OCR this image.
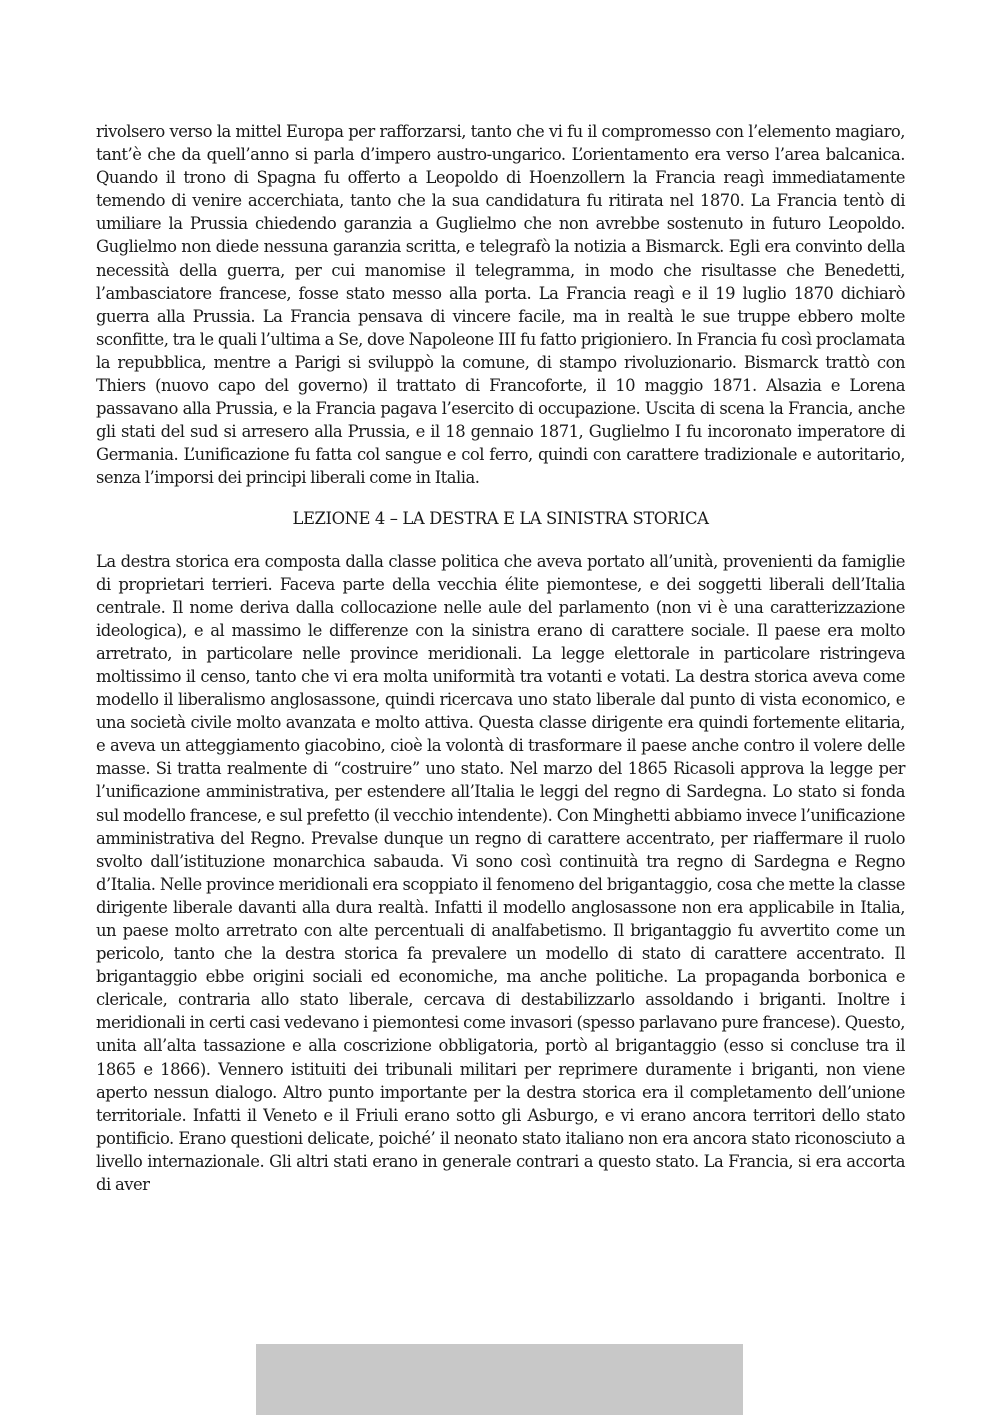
rivolsero verso la mittel Europa per rafforzarsi, tanto che vi fu il compromesso con l’elemento magiaro, tant’è che da quell’anno si parla d’impero austro-ungarico. L’orientamento era verso l’area balcanica. Quando il trono di Spagna fu offerto a Leopoldo di Hoenzollern la Francia reagì immediatamente temendo di venire accerchiata, tanto che la sua candidatura fu ritirata nel 1870. La Francia tentò di umiliare la Prussia chiedendo garanzia a Guglielmo che non avrebbe sostenuto in futuro Leopoldo. Guglielmo non diede nessuna garanzia scritta, e telegrafò la notizia a Bismarck. Egli era convinto della necessità della guerra, per cui manomise il telegramma, in modo che risultasse che Benedetti, l’ambasciatore francese, fosse stato messo alla porta. La Francia reagì e il 19 luglio 1870 dichiarò guerra alla Prussia. La Francia pensava di vincere facile, ma in realtà le sue truppe ebbero molte sconfitte, tra le quali l’ultima a Se, dove Napoleone III fu fatto prigioniero. In Francia fu così proclamata la repubblica, mentre a Parigi si sviluppò la comune, di stampo rivoluzionario. Bismarck trattò con Thiers (nuovo capo del governo) il trattato di Francoforte, il 10 maggio 1871. Alsazia e Lorena passavano alla Prussia, e la Francia pagava l’esercito di occupazione. Uscita di scena la Francia, anche gli stati del sud si arresero alla Prussia, e il 18 gennaio 1871, Guglielmo I fu incoronato imperatore di Germania. L’unificazione fu fatta col sangue e col ferro, quindi con carattere tradizionale e autoritario, senza l’imporsi dei principi liberali come in Italia.

LEZIONE 4 – LA DESTRA E LA SINISTRA STORICA

La destra storica era composta dalla classe politica che aveva portato all’unità, provenienti da famiglie di proprietari terrieri. Faceva parte della vecchia élite piemontese, e dei soggetti liberali dell’Italia centrale. Il nome deriva dalla collocazione nelle aule del parlamento (non vi è una caratterizzazione ideologica), e al massimo le differenze con la sinistra erano di carattere sociale. Il paese era molto arretrato, in particolare nelle province meridionali. La legge elettorale in particolare ristringeva moltissimo il censo, tanto che vi era molta uniformità tra votanti e votati. La destra storica aveva come modello il liberalismo anglosassone, quindi ricercava uno stato liberale dal punto di vista economico, e una società civile molto avanzata e molto attiva. Questa classe dirigente era quindi fortemente elitaria, e aveva un atteggiamento giacobino, cioè la volontà di trasformare il paese anche contro il volere delle masse. Si tratta realmente di “costruire” uno stato. Nel marzo del 1865 Ricasoli approva la legge per l’unificazione amministrativa, per estendere all’Italia le leggi del regno di Sardegna. Lo stato si fonda sul modello francese, e sul prefetto (il vecchio intendente). Con Minghetti abbiamo invece l’unificazione amministrativa del Regno. Prevalse dunque un regno di carattere accentrato, per riaffermare il ruolo svolto dall’istituzione monarchica sabauda. Vi sono così continuità tra regno di Sardegna e Regno d’Italia. Nelle province meridionali era scoppiato il fenomeno del brigantaggio, cosa che mette la classe dirigente liberale davanti alla dura realtà. Infatti il modello anglosassone non era applicabile in Italia, un paese molto arretrato con alte percentuali di analfabetismo. Il brigantaggio fu avvertito come un pericolo, tanto che la destra storica fa prevalere un modello di stato di carattere accentrato. Il brigantaggio ebbe origini sociali ed economiche, ma anche politiche. La propaganda borbonica e clericale, contraria allo stato liberale, cercava di destabilizzarlo assoldando i briganti. Inoltre i meridionali in certi casi vedevano i piemontesi come invasori (spesso parlavano pure francese). Questo, unita all’alta tassazione e alla coscrizione obbligatoria, portò al brigantaggio (esso si concluse tra il 1865 e 1866). Vennero istituiti dei tribunali militari per reprimere duramente i briganti, non viene aperto nessun dialogo. Altro punto importante per la destra storica era il completamento dell’unione territoriale. Infatti il Veneto e il Friuli erano sotto gli Asburgo, e vi erano ancora territori dello stato pontificio. Erano questioni delicate, poiché’ il neonato stato italiano non era ancora stato riconosciuto a livello internazionale. Gli altri stati erano in generale contrari a questo stato. La Francia, si era accorta di aver
